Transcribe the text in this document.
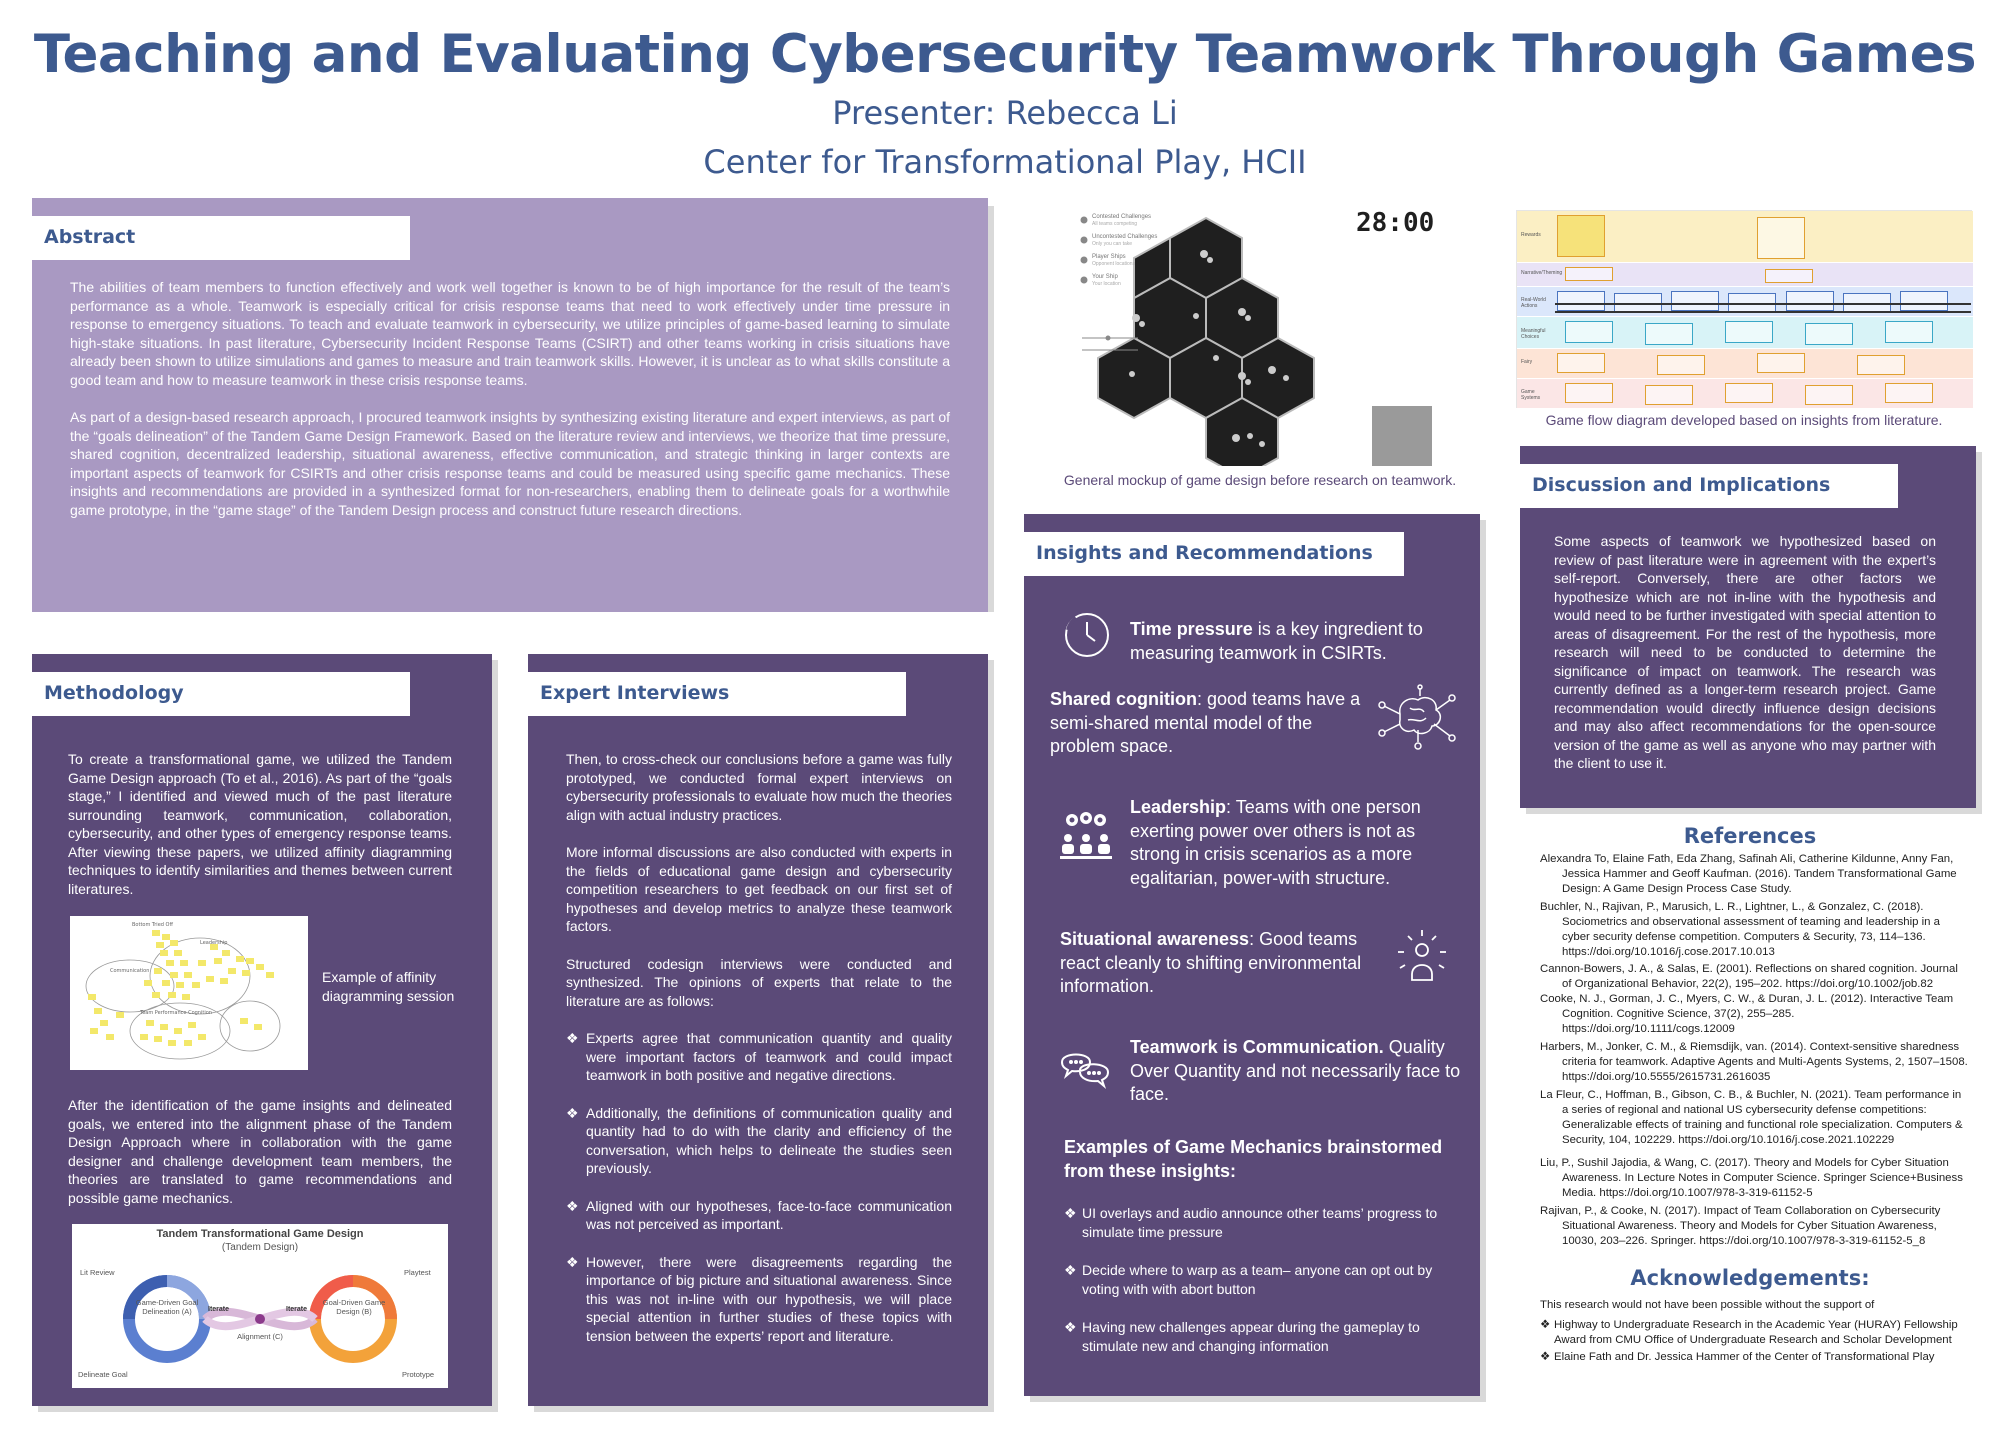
Teaching and Evaluating Cybersecurity Teamwork Through Games
Presenter: Rebecca Li
Center for Transformational Play, HCII
Abstract

The abilities of team members to function effectively and work well together is known to be of high importance for the result of the team’s performance as a whole. Teamwork is especially critical for crisis response teams that need to work effectively under time pressure in response to emergency situations. To teach and evaluate teamwork in cybersecurity, we utilize principles of game-based learning to simulate high-stake situations. In past literature, Cybersecurity Incident Response Teams (CSIRT) and other teams working in crisis situations have already been shown to utilize simulations and games to measure and train teamwork skills. However, it is unclear as to what skills constitute a good team and how to measure teamwork in these crisis response teams.

As part of a design-based research approach, I procured teamwork insights by synthesizing existing literature and expert interviews, as part of the “goals delineation” of the Tandem Game Design Framework. Based on the literature review and interviews, we theorize that time pressure, shared cognition, decentralized leadership, situational awareness, effective communication, and strategic thinking in larger contexts are important aspects of teamwork for CSIRTs and other crisis response teams and could be measured using specific game mechanics. These insights and recommendations are provided in a synthesized format for non-researchers, enabling them to delineate goals for a worthwhile game prototype, in the “game stage” of the Tandem Design process and construct future research directions.

Methodology
To create a transformational game, we utilized the Tandem Game Design approach (To et al., 2016). As part of the “goals stage,” I identified and viewed much of the past literature surrounding teamwork, communication, collaboration, cybersecurity, and other types of emergency response teams. After viewing these papers, we utilized affinity diagramming techniques to identify similarities and themes between current literatures.
Bottom Tried Off
Leadership
Communication
Team Performance Cognition
Example of affinity diagramming session
After the identification of the game insights and delineated goals, we entered into the alignment phase of the Tandem Design Approach where in collaboration with the game designer and challenge development team members, the theories are translated to game recommendations and possible game mechanics.
Tandem Transformational Game Design
(Tandem Design)
Game-Driven Goal Delineation (A)
Goal-Driven Game Design (B)
Alignment (C)
Iterate	Iterate
Lit Review	Playtest
Delineate Goal	Prototype
Expert Interviews

Then, to cross-check our conclusions before a game was fully prototyped, we conducted formal expert interviews on cybersecurity professionals to evaluate how much the theories align with actual industry practices.

More informal discussions are also conducted with experts in the fields of educational game design and cybersecurity competition researchers to get feedback on our first set of hypotheses and develop metrics to analyze these teamwork factors.

Structured codesign interviews were conducted and synthesized. The opinions of experts that relate to the literature are as follows:

❖ Experts agree that communication quantity and quality were important factors of teamwork and could impact teamwork in both positive and negative directions.
❖ Additionally, the definitions of communication quality and quantity had to do with the clarity and efficiency of the conversation, which helps to delineate the studies seen previously.
❖ Aligned with our hypotheses, face-to-face communication was not perceived as important.
❖ However, there were disagreements regarding the importance of big picture and situational awareness. Since this was not in-line with our hypothesis, we will place special attention in further studies of these topics with tension between the experts’ report and literature.
28:00
Contested Challenges
All teams competing
Uncontested Challenges
Only you can take
Player Ships
Opponent locations
Your Ship
Your location
General mockup of game design before research on teamwork.
Rewards
Narrative/Theming
Real-World Actions
Meaningful Choices
Fairy
Game Systems
Game flow diagram developed based on insights from literature.
Insights and Recommendations
Time pressure is a key ingredient to measuring teamwork in CSIRTs.
Shared cognition: good teams have a semi-shared mental model of the problem space.
Leadership: Teams with one person exerting power over others is not as strong in crisis scenarios as a more egalitarian, power-with structure.
Situational awareness: Good teams react cleanly to shifting environmental information.
Teamwork is Communication. Quality Over Quantity and not necessarily face to face.
Examples of Game Mechanics brainstormed from these insights:
❖ UI overlays and audio announce other teams’ progress to simulate time pressure
❖ Decide where to warp as a team– anyone can opt out by voting with with abort button
❖ Having new challenges appear during the gameplay to stimulate new and changing information
Discussion and Implications
Some aspects of teamwork we hypothesized based on review of past literature were in agreement with the expert’s self-report. Conversely, there are other factors we hypothesize which are not in-line with the hypothesis and would need to be further investigated with special attention to areas of disagreement. For the rest of the hypothesis, more research will need to be conducted to determine the significance of impact on teamwork. The research was currently defined as a longer-term research project. Game recommendation would directly influence design decisions and may also affect recommendations for the open-source version of the game as well as anyone who may partner with the client to use it.
References
Alexandra To, Elaine Fath, Eda Zhang, Safinah Ali, Catherine Kildunne, Anny Fan, Jessica Hammer and Geoff Kaufman. (2016). Tandem Transformational Game Design: A Game Design Process Case Study.
Buchler, N., Rajivan, P., Marusich, L. R., Lightner, L., & Gonzalez, C. (2018). Sociometrics and observational assessment of teaming and leadership in a cyber security defense competition. Computers & Security, 73, 114–136. https://doi.org/10.1016/j.cose.2017.10.013
Cannon-Bowers, J. A., & Salas, E. (2001). Reflections on shared cognition. Journal of Organizational Behavior, 22(2), 195–202. https://doi.org/10.1002/job.82
Cooke, N. J., Gorman, J. C., Myers, C. W., & Duran, J. L. (2012). Interactive Team Cognition. Cognitive Science, 37(2), 255–285. https://doi.org/10.1111/cogs.12009
Harbers, M., Jonker, C. M., & Riemsdijk, van. (2014). Context-sensitive sharedness criteria for teamwork. Adaptive Agents and Multi-Agents Systems, 2, 1507–1508. https://doi.org/10.5555/2615731.2616035
La Fleur, C., Hoffman, B., Gibson, C. B., & Buchler, N. (2021). Team performance in a series of regional and national US cybersecurity defense competitions: Generalizable effects of training and functional role specialization. Computers & Security, 104, 102229. https://doi.org/10.1016/j.cose.2021.102229
Liu, P., Sushil Jajodia, & Wang, C. (2017). Theory and Models for Cyber Situation Awareness. In Lecture Notes in Computer Science. Springer Science+Business Media. https://doi.org/10.1007/978-3-319-61152-5
Rajivan, P., & Cooke, N. (2017). Impact of Team Collaboration on Cybersecurity Situational Awareness. Theory and Models for Cyber Situation Awareness, 10030, 203–226. Springer. https://doi.org/10.1007/978-3-319-61152-5_8
Acknowledgements:
This research would not have been possible without the support of
❖ Highway to Undergraduate Research in the Academic Year (HURAY) Fellowship Award from CMU Office of Undergraduate Research and Scholar Development
❖ Elaine Fath and Dr. Jessica Hammer of the Center of Transformational Play
